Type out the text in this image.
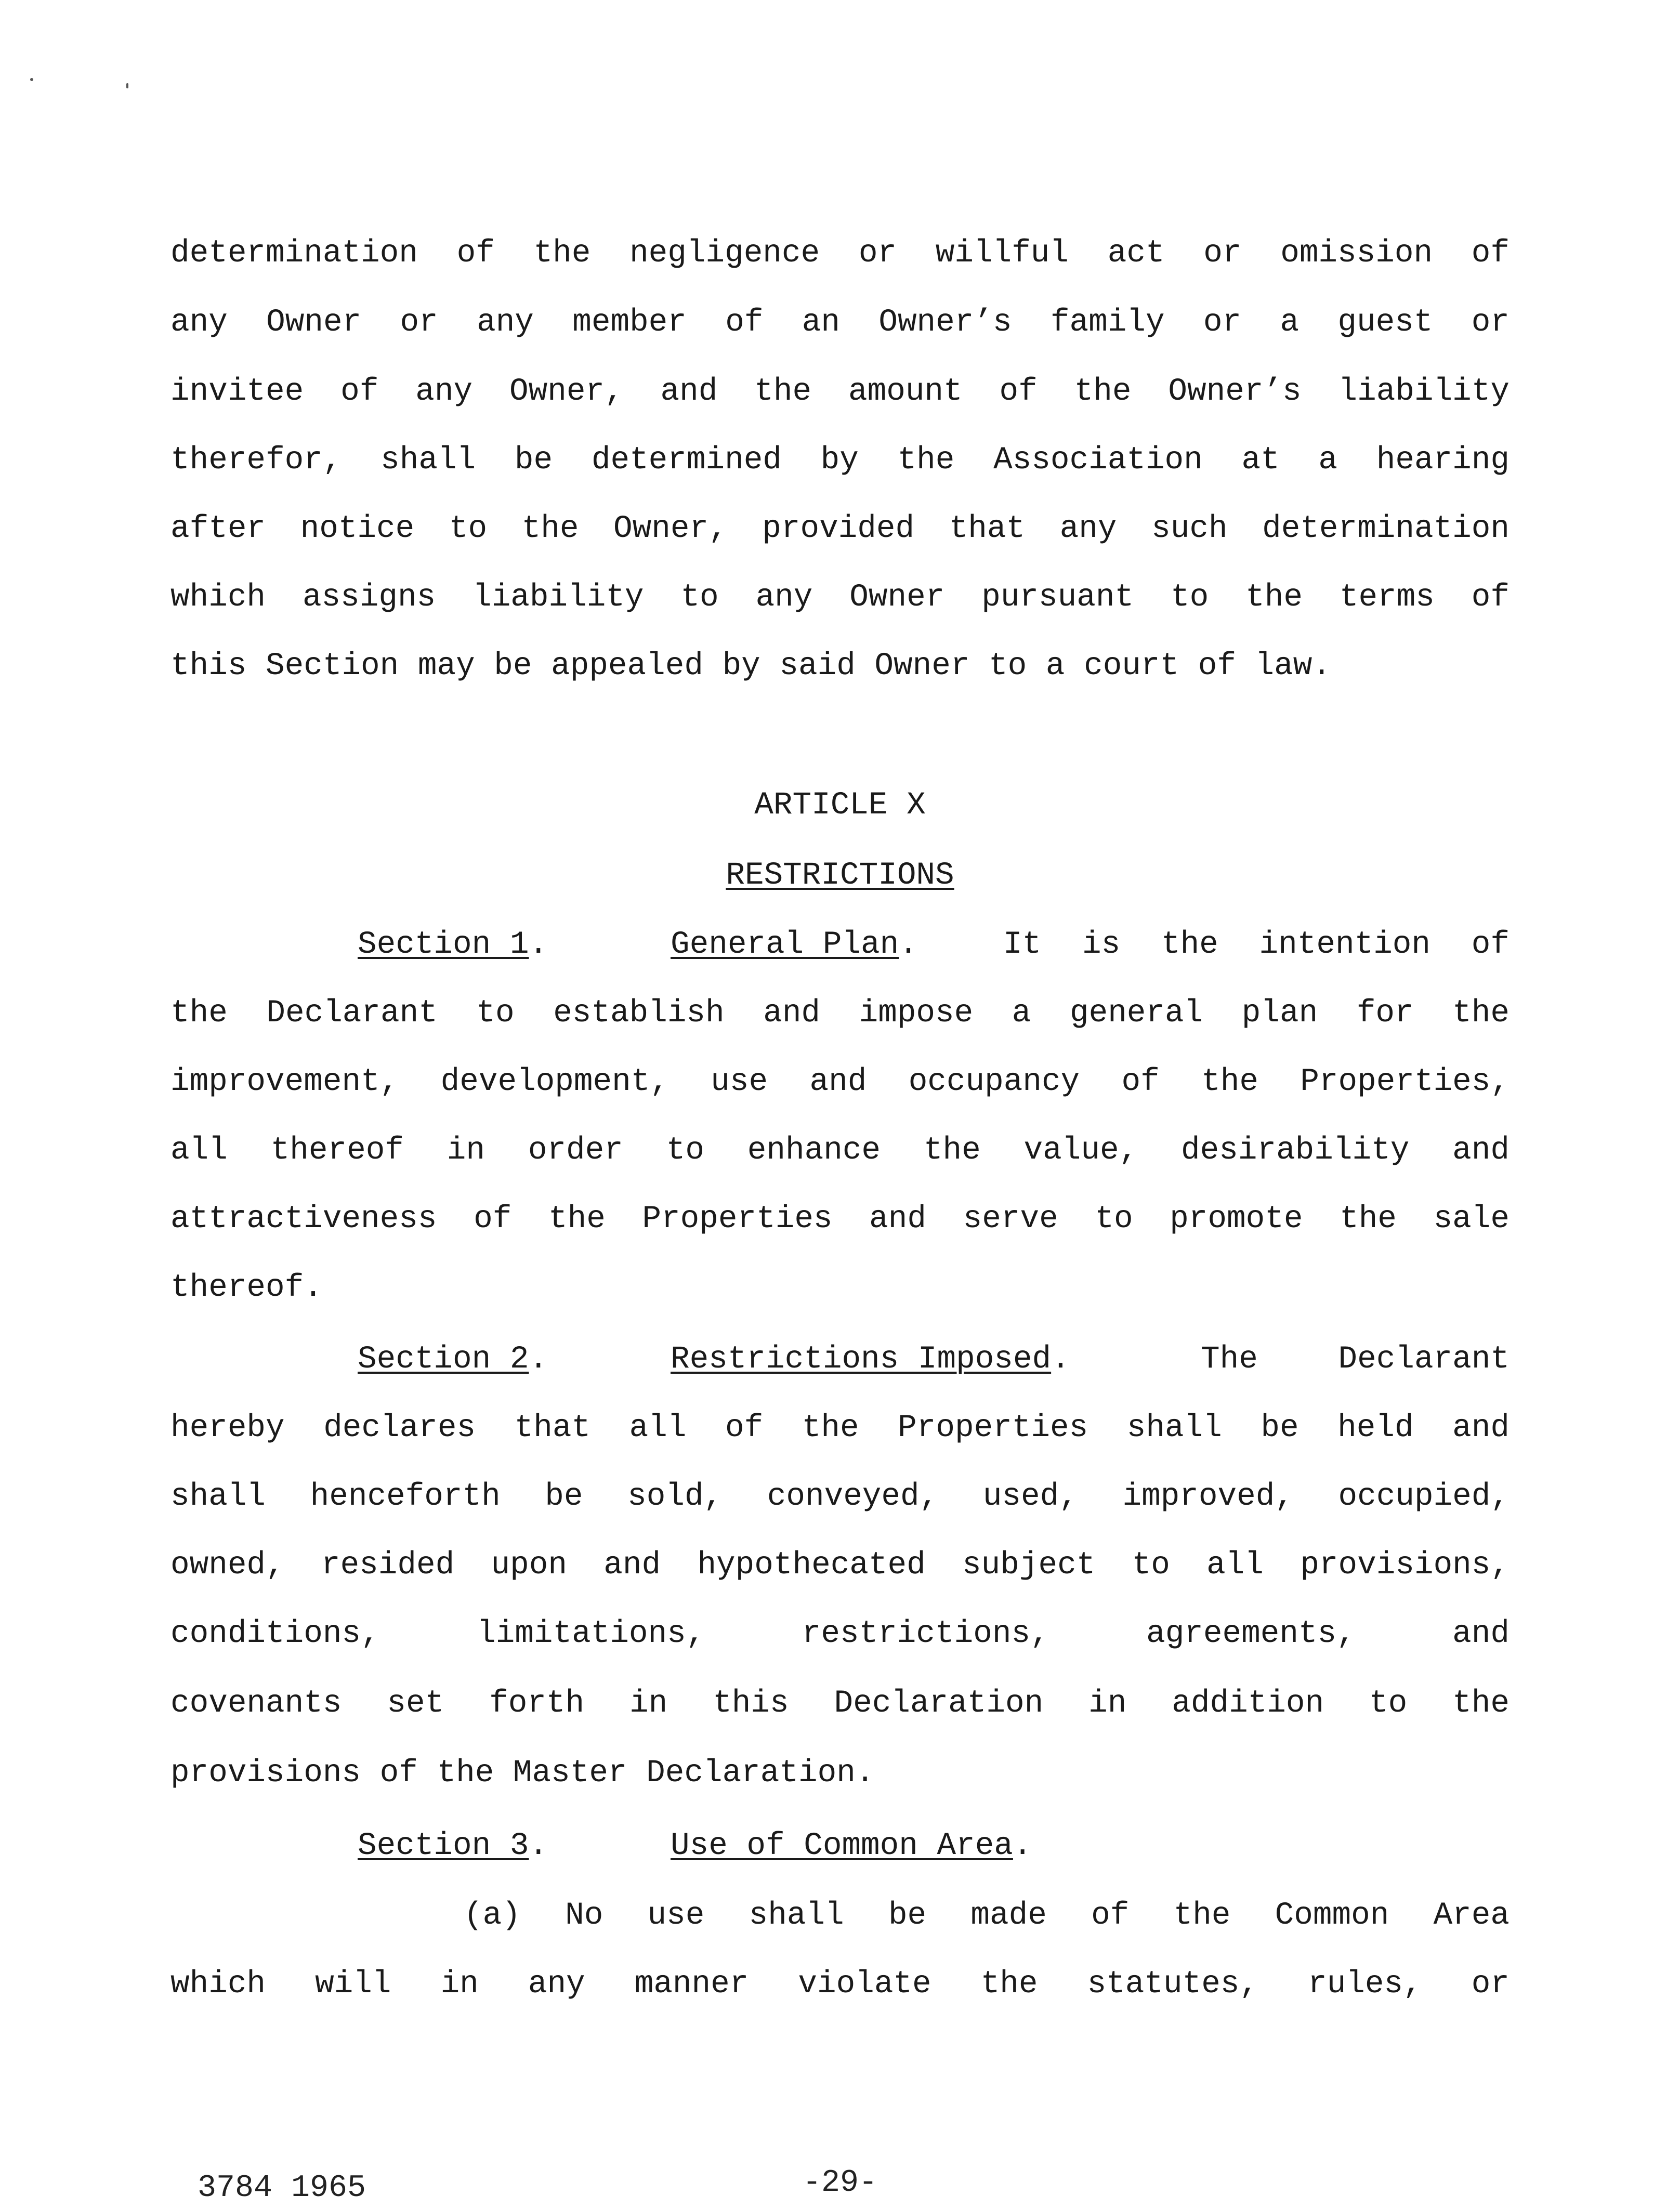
determination of the negligence or willful act or omission of
any Owner or any member of an Owner’s family or a guest or
invitee of any Owner, and the amount of the Owner’s liability
therefor, shall be determined by the Association at a hearing
after notice to the Owner, provided that any such determination
which assigns liability to any Owner pursuant to the terms of
this Section may be appealed by said Owner to a court of law.
ARTICLE X
RESTRICTIONS
Section 1.	General Plan.	It is the intention of
the Declarant to establish and impose a general plan for the
improvement, development, use and occupancy of the Properties,
all thereof in order to enhance the value, desirability and
attractiveness of the Properties and serve to promote the sale
thereof.
Section 2.	Restrictions Imposed.	The Declarant
hereby declares that all of the Properties shall be held and
shall henceforth be sold, conveyed, used, improved, occupied,
owned, resided upon and hypothecated subject to all provisions,
conditions, limitations, restrictions, agreements, and
covenants set forth in this Declaration in addition to the
provisions of the Master Declaration.
Section 3.	Use of Common Area.
(a) No use shall be made of the Common Area
which will in any manner violate the statutes, rules, or
3784 1965	-29-
